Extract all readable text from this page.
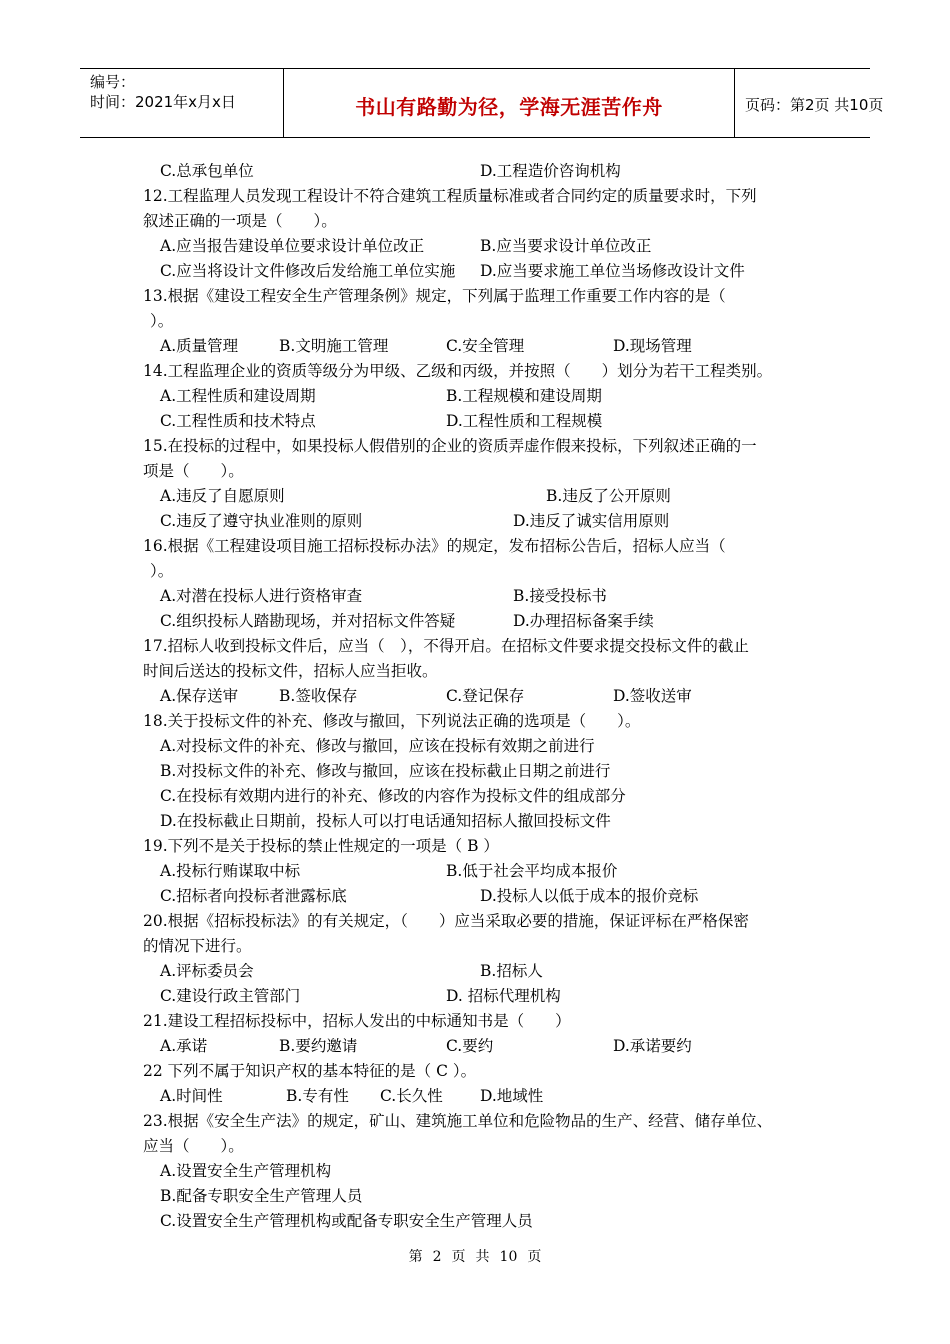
编号：
时间：2021年x月x日	书山有路勤为径，学海无涯苦作舟	页码：第2页 共10页
C.总承包单位	D.工程造价咨询机构
12.工程监理人员发现工程设计不符合建筑工程质量标准或者合同约定的质量要求时，下列
叙述正确的一项是（　　）。
A.应当报告建设单位要求设计单位改正	B.应当要求设计单位改正
C.应当将设计文件修改后发给施工单位实施 D.应当要求施工单位当场修改设计文件
13.根据《建设工程安全生产管理条例》规定，下列属于监理工作重要工作内容的是（
）。
A.质量管理	B.文明施工管理	C.安全管理	D.现场管理
14.工程监理企业的资质等级分为甲级、乙级和丙级，并按照（　　）划分为若干工程类别。
A.工程性质和建设周期	B.工程规模和建设周期
C.工程性质和技术特点	D.工程性质和工程规模
15.在投标的过程中，如果投标人假借别的企业的资质弄虚作假来投标，下列叙述正确的一
项是（　　）。
A.违反了自愿原则	B.违反了公开原则
C.违反了遵守执业准则的原则	D.违反了诚实信用原则
16.根据《工程建设项目施工招标投标办法》的规定，发布招标公告后，招标人应当（
）。
A.对潜在投标人进行资格审查	B.接受投标书
C.组织投标人踏勘现场，并对招标文件答疑	D.办理招标备案手续
17.招标人收到投标文件后，应当（　），不得开启。在招标文件要求提交投标文件的截止
时间后送达的投标文件，招标人应当拒收。
A.保存送审	B.签收保存	C.登记保存	D.签收送审
18.关于投标文件的补充、修改与撤回，下列说法正确的选项是（　　）。
A.对投标文件的补充、修改与撤回，应该在投标有效期之前进行
B.对投标文件的补充、修改与撤回，应该在投标截止日期之前进行
C.在投标有效期内进行的补充、修改的内容作为投标文件的组成部分
D.在投标截止日期前，投标人可以打电话通知招标人撤回投标文件
19.下列不是关于投标的禁止性规定的一项是（ B ）
A.投标行贿谋取中标	B.低于社会平均成本报价
C.招标者向投标者泄露标底	D.投标人以低于成本的报价竞标
20.根据《招标投标法》的有关规定，（　　）应当采取必要的措施，保证评标在严格保密
的情况下进行。
A.评标委员会	B.招标人
C.建设行政主管部门	D. 招标代理机构
21.建设工程招标投标中，招标人发出的中标通知书是（　　）
A.承诺	B.要约邀请	C.要约	D.承诺要约
22 下列不属于知识产权的基本特征的是（ C ）。
A.时间性	B.专有性 C.长久性 D.地域性
23.根据《安全生产法》的规定，矿山、建筑施工单位和危险物品的生产、经营、储存单位、
应当（　　）。
A.设置安全生产管理机构
B.配备专职安全生产管理人员
C.设置安全生产管理机构或配备专职安全生产管理人员
第 2 页 共 10 页
